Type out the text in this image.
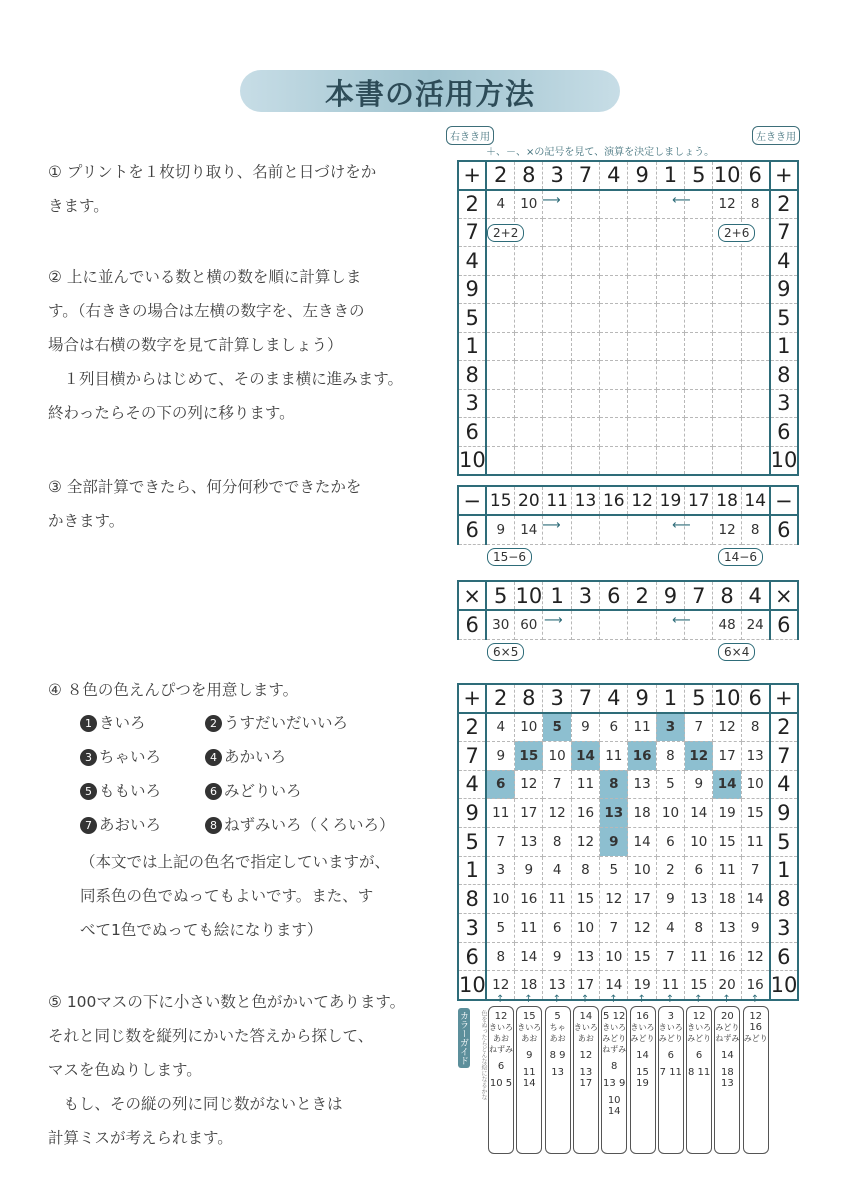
本書の活用方法
① プリントを１枚切り取り、名前と日づけをか
きます。
② 上に並んでいる数と横の数を順に計算しま
す。（右ききの場合は左横の数字を、左ききの
場合は右横の数字を見て計算しましょう）
　１列目横からはじめて、そのまま横に進みます。
終わったらその下の列に移ります。
③ 全部計算できたら、何分何秒でできたかを
かきます。
④ ８色の色えんぴつを用意します。
1 きいろ	2 うすだいだいいろ
3 ちゃいろ	4 あかいろ
5 ももいろ	6 みどりいろ
7 あおいろ	8 ねずみいろ（くろいろ）
（本文では上記の色名で指定していますが、
同系色の色でぬってもよいです。また、す
べて1色でぬっても絵になります）
⑤ 100マスの下に小さい数と色がかいてあります。
それと同じ数を縦列にかいた答えから探して、
マスを色ぬりします。
　もし、その縦の列に同じ数がないときは
計算ミスが考えられます。
右きき用	左きき用
＋、－、×の記号を見て、演算を決定しましょう。
+	2	8	3	7	4	9	1	5	10	6	+
2	4	10							12	8	2
7											7
4											4
9											9
5											5
1											1
8											8
3											3
6											6
10											10
⟶	⟵
2+2	2+6
−	15	20	11	13	16	12	19	17	18	14	−
6	9	14							12	8	6
⟶	⟵
15−6	14−6
×	5	10	1	3	6	2	9	7	8	4	×
6	30	60							48	24	6
⟶	⟵
6×5	6×4
+	2	8	3	7	4	9	1	5	10	6	+
2	4	10	5	9	6	11	3	7	12	8	2
7	9	15	10	14	11	16	8	12	17	13	7
4	6	12	7	11	8	13	5	9	14	10	4
9	11	17	12	16	13	18	10	14	19	15	9
5	7	13	8	12	9	14	6	10	15	11	5
1	3	9	4	8	5	10	2	6	11	7	1
8	10	16	11	15	12	17	9	13	18	14	8
3	5	11	6	10	7	12	4	8	13	9	3
6	8	14	9	13	10	15	7	11	16	12	6
10	12	18	13	17	14	19	11	15	20	16	10
カラーガイド	色をぬったらどんな絵になるかな
↑
12
きいろ
あお
ねずみ
6
10 5
↑
15
きいろ
あお
9
11 14
↑
5
ちゃ
あお
8 9
13
↑
14
きいろ
あお
12
13 17
↑
5 12
きいろ
みどり
ねずみ
8
13 9
10 14
↑
16
きいろ
みどり
14
15 19
↑
3
きいろ
みどり
6
7 11
↑
12
きいろ
みどり
6
8 11
↑
20
みどり
ねずみ
14
18 13
↑
12 16
みどり
